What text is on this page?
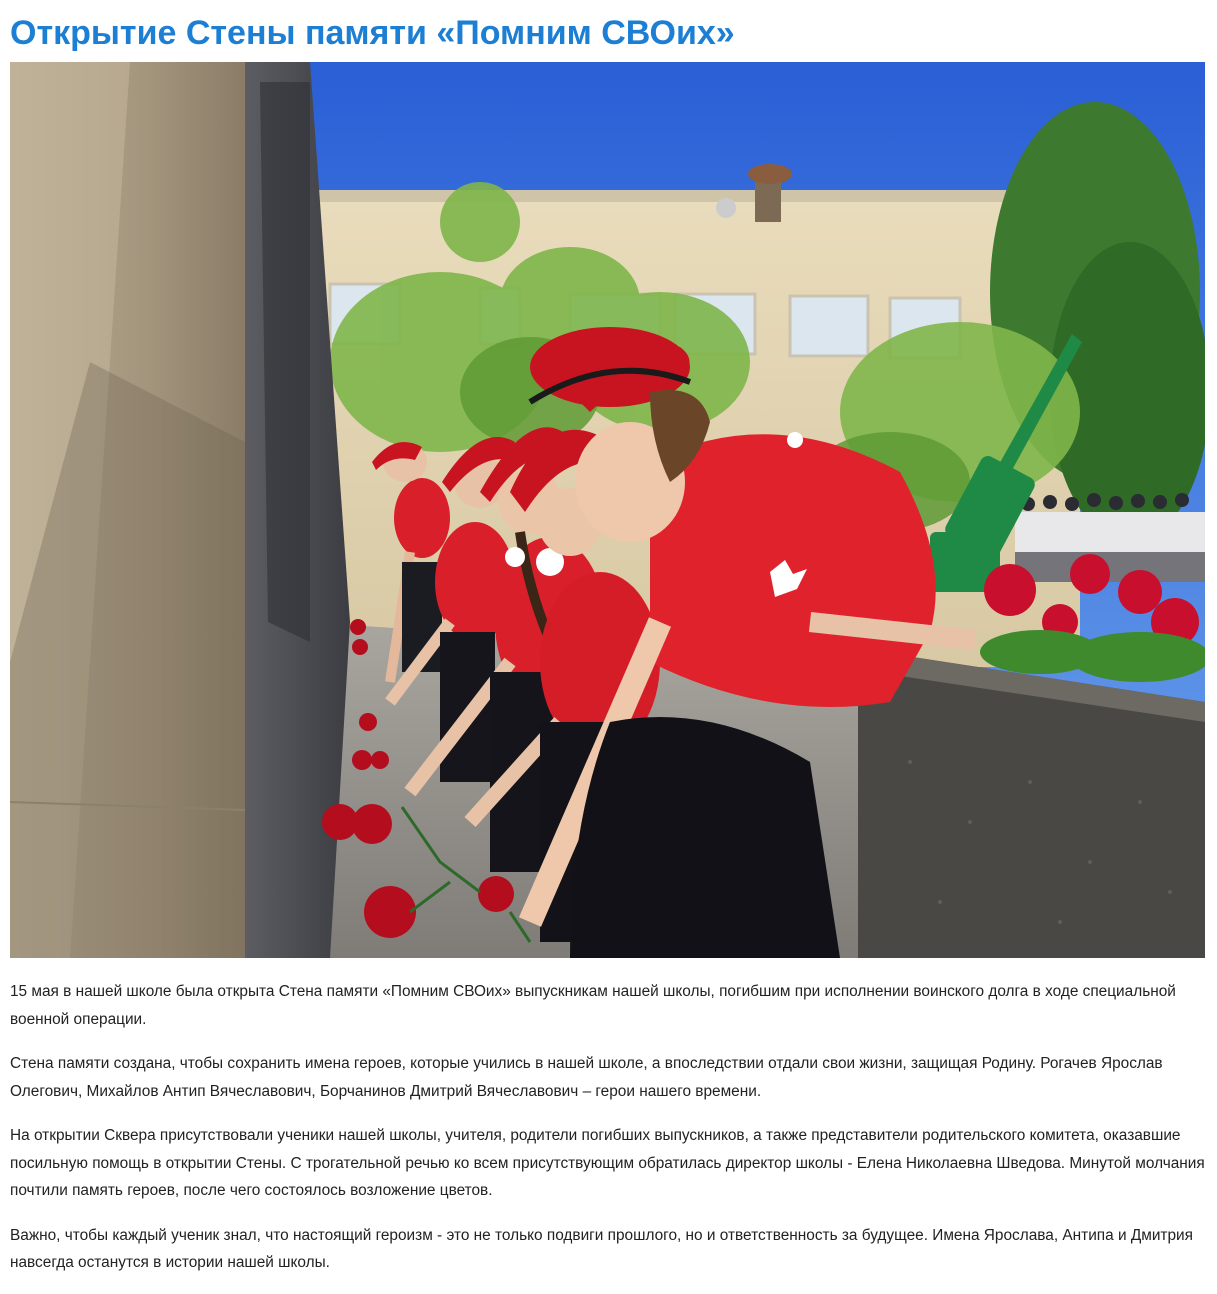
Открытие Стены памяти «Помним СВОих»

15 мая в нашей школе была открыта Стена памяти «Помним СВОих» выпускникам нашей школы, погибшим при исполнении воинского долга в ходе специальной военной операции.

Стена памяти создана, чтобы сохранить имена героев, которые учились в нашей школе, а впоследствии отдали свои жизни, защищая Родину. Рогачев Ярослав Олегович, Михайлов Антип Вячеславович, Борчанинов Дмитрий Вячеславович – герои нашего времени.

На открытии Сквера присутствовали ученики нашей школы, учителя, родители погибших выпускников, а также представители родительского комитета, оказавшие посильную помощь в открытии Стены. С трогательной речью ко всем присутствующим обратилась директор школы - Елена Николаевна Шведова. Минутой молчания почтили память героев, после чего состоялось возложение цветов.

Важно, чтобы каждый ученик знал, что настоящий героизм - это не только подвиги прошлого, но и ответственность за будущее. Имена Ярослава, Антипа и Дмитрия навсегда останутся в истории нашей школы.
